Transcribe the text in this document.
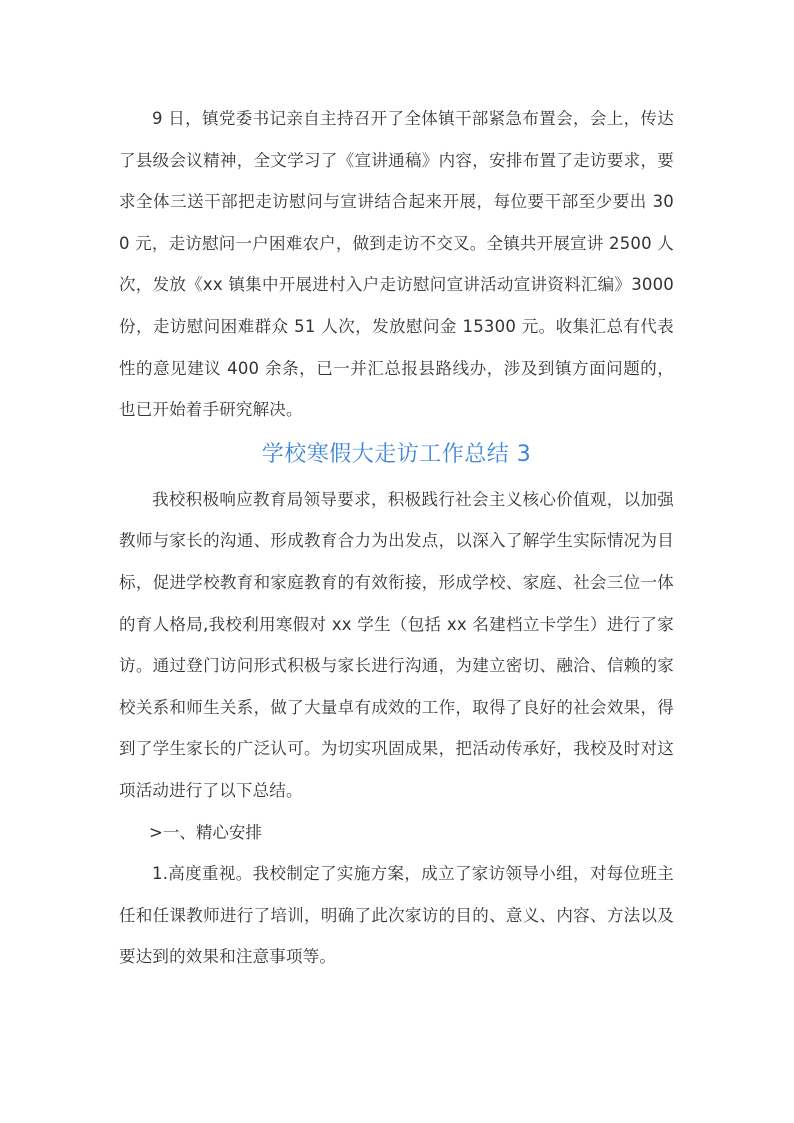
9 日，镇党委书记亲自主持召开了全体镇干部紧急布置会，会上，传达了县级会议精神，全文学习了《宣讲通稿》内容，安排布置了走访要求，要求全体三送干部把走访慰问与宣讲结合起来开展，每位要干部至少要出 300 元，走访慰问一户困难农户，做到走访不交叉。全镇共开展宣讲 2500 人次，发放《xx 镇集中开展进村入户走访慰问宣讲活动宣讲资料汇编》3000 份，走访慰问困难群众 51 人次，发放慰问金 15300 元。收集汇总有代表性的意见建议 400 余条，已一并汇总报县路线办，涉及到镇方面问题的，也已开始着手研究解决。

学校寒假大走访工作总结 3

我校积极响应教育局领导要求，积极践行社会主义核心价值观，以加强教师与家长的沟通、形成教育合力为出发点，以深入了解学生实际情况为目标，促进学校教育和家庭教育的有效衔接，形成学校、家庭、社会三位一体的育人格局,我校利用寒假对 xx 学生（包括 xx 名建档立卡学生）进行了家访。通过登门访问形式积极与家长进行沟通，为建立密切、融洽、信赖的家校关系和师生关系，做了大量卓有成效的工作，取得了良好的社会效果，得到了学生家长的广泛认可。为切实巩固成果，把活动传承好，我校及时对这项活动进行了以下总结。

>一、精心安排

1.高度重视。我校制定了实施方案，成立了家访领导小组，对每位班主任和任课教师进行了培训，明确了此次家访的目的、意义、内容、方法以及要达到的效果和注意事项等。
